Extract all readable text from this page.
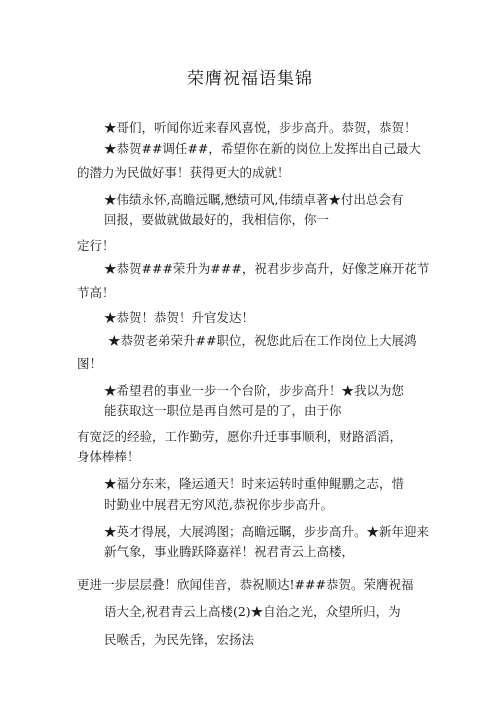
荣膺祝福语集锦
★哥们，听闻你近来春风喜悦，步步高升。恭贺，恭贺！
★恭贺##调任##，希望你在新的岗位上发挥出自己最大
的潜力为民做好事！获得更大的成就！
★伟绩永怀,高瞻远瞩,懋绩可风,伟绩卓著★付出总会有
回报，要做就做最好的，我相信你，你一
定行！
★恭贺###荣升为###，祝君步步高升，好像芝麻开花节
节高！
★恭贺！恭贺！升官发达！
★恭贺老弟荣升##职位，祝您此后在工作岗位上大展鸿
图！
★希望君的事业一步一个台阶，步步高升！★我以为您
能获取这一职位是再自然可是的了，由于你
有宽泛的经验，工作勤劳，愿你升迁事事顺利，财路滔滔，
身体棒棒！
★福分东来，隆运通天！时来运转时重伸鲲鹏之志，惜
时勤业中展君无穷风范,恭祝你步步高升。
★英才得展，大展鸿图；高瞻远瞩，步步高升。★新年迎来
新气象，事业腾跃降嘉祥！祝君青云上高楼，
更进一步层层叠！欣闻佳音，恭祝顺达!###恭贺。荣膺祝福
语大全,祝君青云上高楼(2)★自治之光，众望所归，为
民喉舌，为民先锋，宏扬法
